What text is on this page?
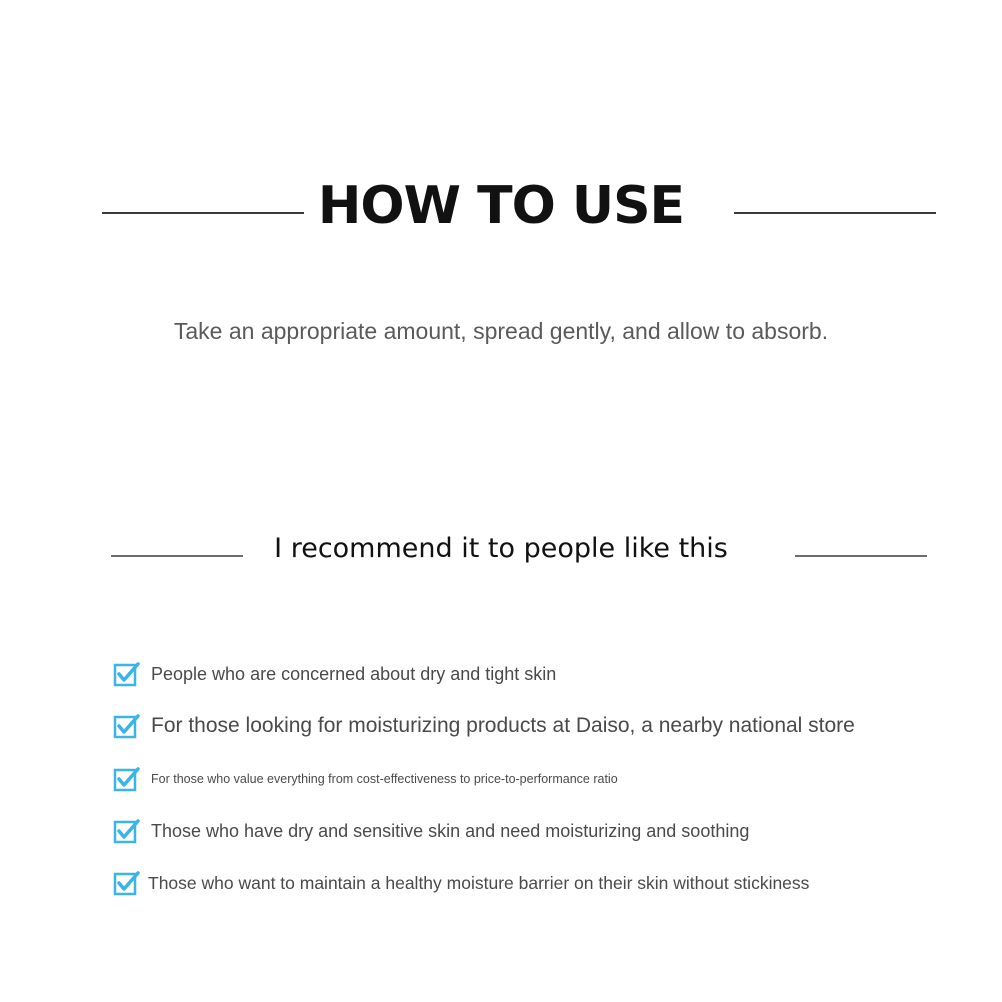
HOW TO USE
Take an appropriate amount, spread gently, and allow to absorb.
I recommend it to people like this
People who are concerned about dry and tight skin
For those looking for moisturizing products at Daiso, a nearby national store
For those who value everything from cost-effectiveness to price-to-performance ratio
Those who have dry and sensitive skin and need moisturizing and soothing
Those who want to maintain a healthy moisture barrier on their skin without stickiness
